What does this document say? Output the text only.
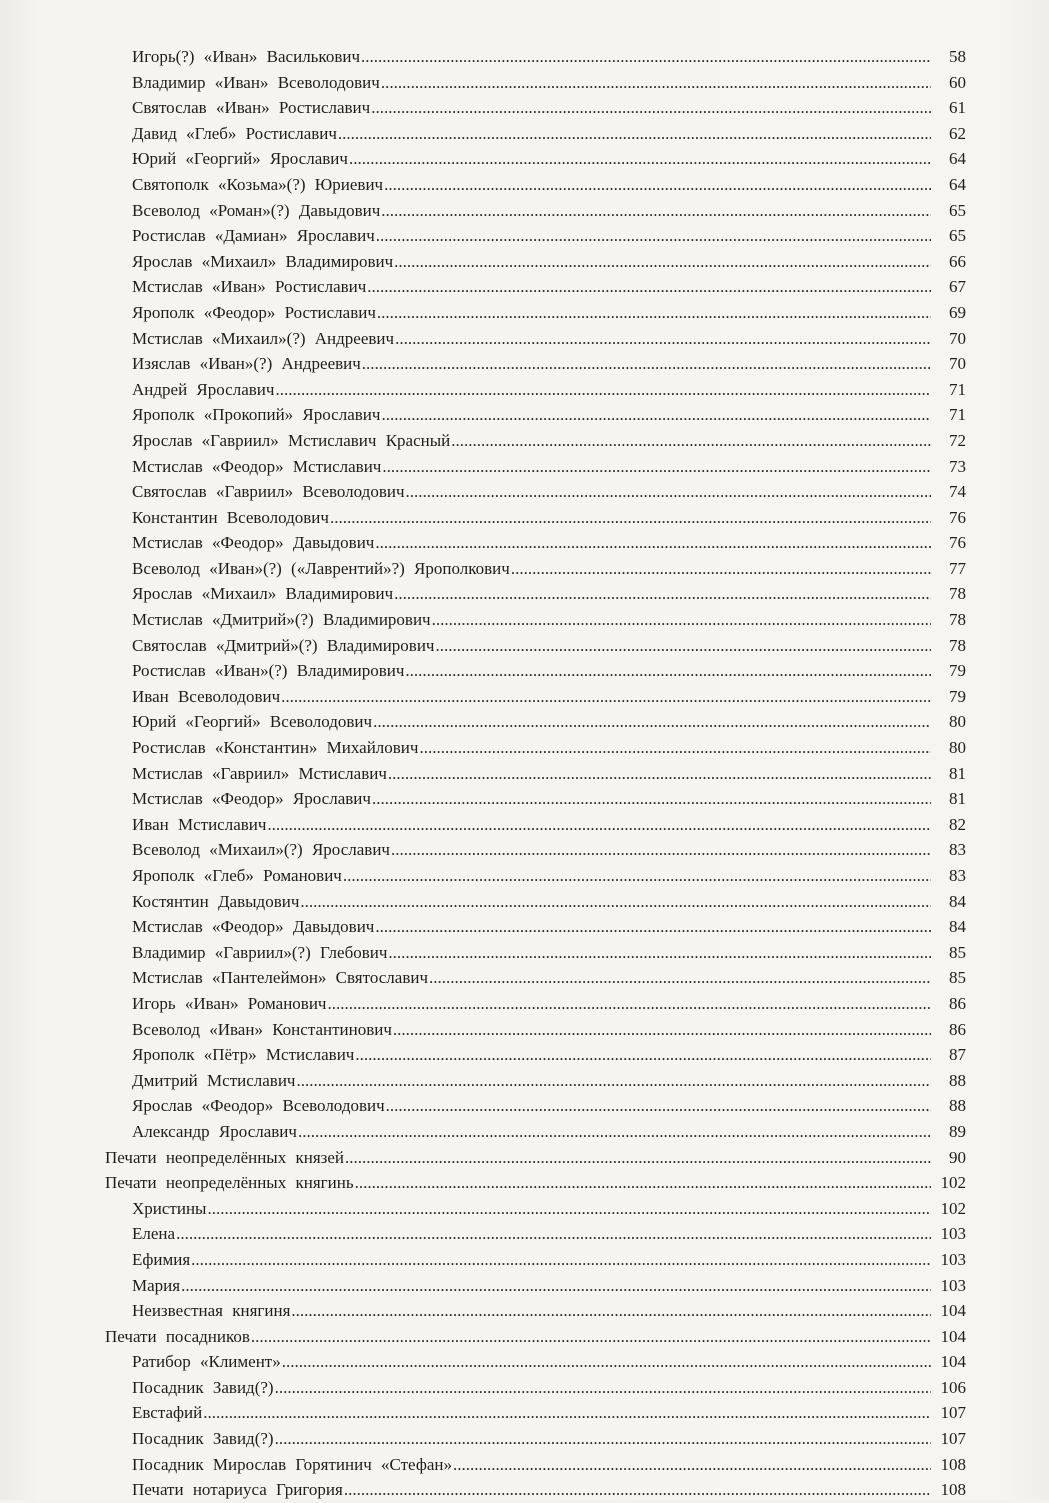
Игорь(?) «Иван» Василькович .....	58
Владимир «Иван» Всеволодович .....	60
Святослав «Иван» Ростиславич .....	61
Давид «Глеб» Ростиславич .....	62
Юрий «Георгий» Ярославич .....	64
Святополк «Козьма»(?) Юриевич .....	64
Всеволод «Роман»(?) Давыдович .....	65
Ростислав «Дамиан» Ярославич .....	65
Ярослав «Михаил» Владимирович .....	66
Мстислав «Иван» Ростиславич .....	67
Ярополк «Феодор» Ростиславич .....	69
Мстислав «Михаил»(?) Андреевич .....	70
Изяслав «Иван»(?) Андреевич .....	70
Андрей Ярославич .....	71
Ярополк «Прокопий» Ярославич .....	71
Ярослав «Гавриил» Мстиславич Красный .....	72
Мстислав «Феодор» Мстиславич .....	73
Святослав «Гавриил» Всеволодович .....	74
Константин Всеволодович .....	76
Мстислав «Феодор» Давыдович .....	76
Всеволод «Иван»(?) («Лаврентий»?) Ярополкович .....	77
Ярослав «Михаил» Владимирович .....	78
Мстислав «Дмитрий»(?) Владимирович .....	78
Святослав «Дмитрий»(?) Владимирович .....	78
Ростислав «Иван»(?) Владимирович .....	79
Иван Всеволодович .....	79
Юрий «Георгий» Всеволодович .....	80
Ростислав «Константин» Михайлович .....	80
Мстислав «Гавриил» Мстиславич .....	81
Мстислав «Феодор» Ярославич .....	81
Иван Мстиславич .....	82
Всеволод «Михаил»(?) Ярославич .....	83
Ярополк «Глеб» Романович .....	83
Костянтин Давыдович .....	84
Мстислав «Феодор» Давыдович .....	84
Владимир «Гавриил»(?) Глебович .....	85
Мстислав «Пантелеймон» Святославич .....	85
Игорь «Иван» Романович .....	86
Всеволод «Иван» Константинович .....	86
Ярополк «Пётр» Мстиславич .....	87
Дмитрий Мстиславич .....	88
Ярослав «Феодор» Всеволодович .....	88
Александр Ярославич .....	89
Печати неопределённых князей .....	90
Печати неопределённых княгинь .....	102
Христины .....	102
Елена .....	103
Ефимия .....	103
Мария .....	103
Неизвестная княгиня .....	104
Печати посадников .....	104
Ратибор «Климент» .....	104
Посадник Завид(?) .....	106
Евстафий .....	107
Посадник Завид(?) .....	107
Посадник Мирослав Горятинич «Стефан» .....	108
Печати нотариуса Григория .....	108
